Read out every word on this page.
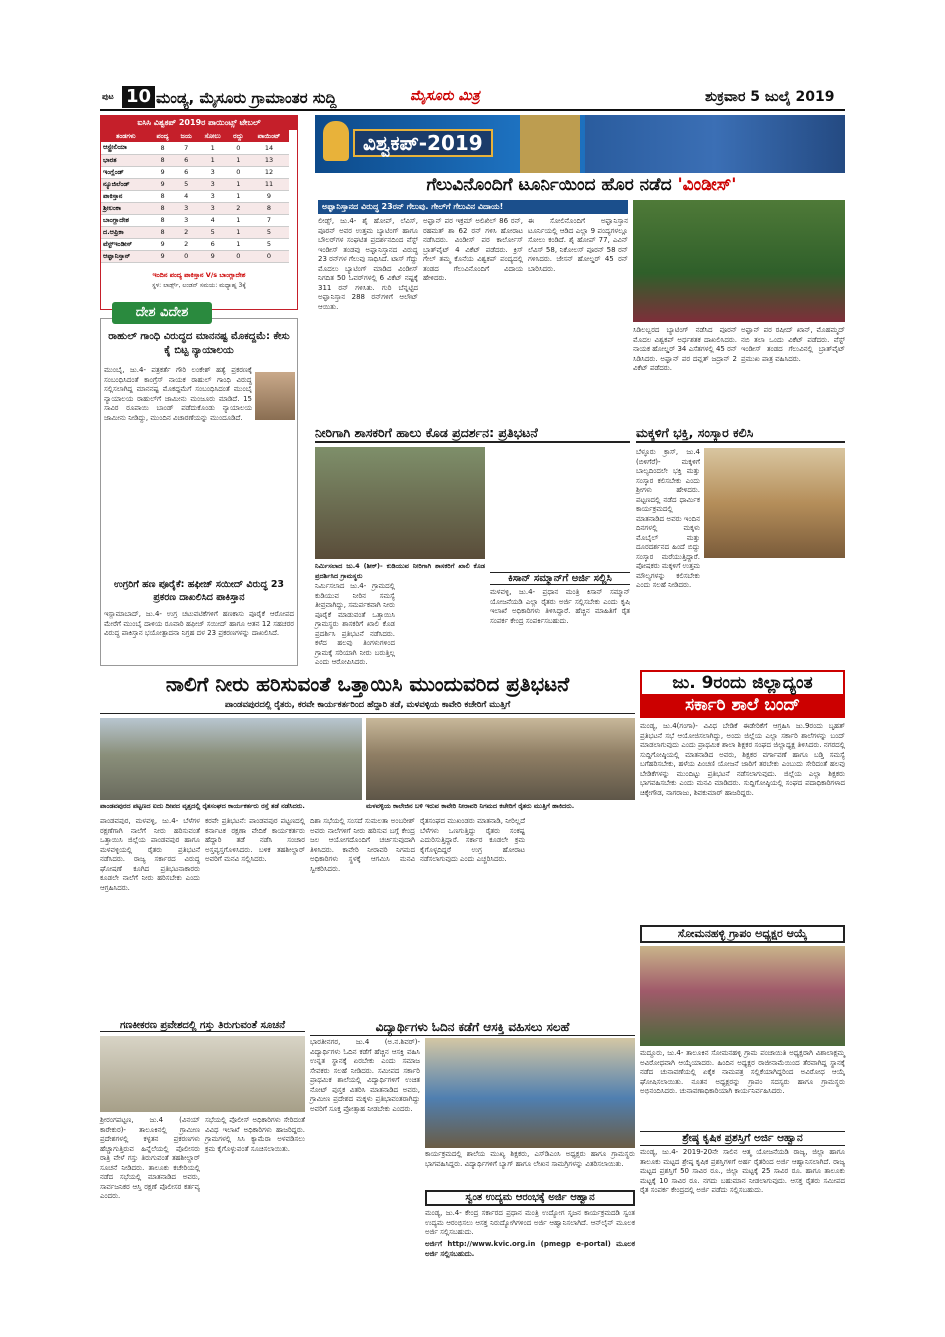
ಪುಟ 10 ಮಂಡ್ಯ, ಮೈಸೂರು ಗ್ರಾಮಾಂತರ ಸುದ್ದಿ	ಮೈಸೂರು ಮಿತ್ರ	ಶುಕ್ರವಾರ 5 ಜುಲೈ 2019
ಐಸಿಸಿ ವಿಶ್ವಕಪ್ 2019ರ ಪಾಯಿಂಟ್ಸ್ ಟೇಬಲ್
ತಂಡಗಳು	ಪಂದ್ಯ	ಜಯ	ಸೋಲು	ರದ್ದು	ಪಾಯಿಂಟ್
ಆಸ್ಟ್ರೇಲಿಯಾ	8	7	1	0	14
ಭಾರತ	8	6	1	1	13
ಇಂಗ್ಲೆಂಡ್	9	6	3	0	12
ನ್ಯೂಜಿಲೆಂಡ್	9	5	3	1	11
ಪಾಕಿಸ್ತಾನ	8	4	3	1	9
ಶ್ರೀಲಂಕಾ	8	3	3	2	8
ಬಾಂಗ್ಲಾದೇಶ	8	3	4	1	7
ದ.ಆಫ್ರಿಕಾ	8	2	5	1	5
ವೆಸ್ಟ್‌ಇಂಡೀಸ್	9	2	6	1	5
ಆಫ್ಘಾನಿಸ್ತಾನ್	9	0	9	0	0
ಇಂದಿನ ಪಂದ್ಯ ಪಾಕಿಸ್ತಾನ V/s ಬಾಂಗ್ಲಾದೇಶ
ಸ್ಥಳ: ಲಾರ್ಡ್ಸ್, ಲಂಡನ್ ಸಮಯ: ಮಧ್ಯಾಹ್ನ 3ಕ್ಕೆ
ವಿಶ್ವಕಪ್-2019
ಗೆಲುವಿನೊಂದಿಗೆ ಟೂರ್ನಿಯಿಂದ ಹೊರ ನಡೆದ 'ವಿಂಡೀಸ್'
ಅಫ್ಘಾನಿಸ್ತಾನದ ವಿರುದ್ಧ 23ರನ್ ಗೆಲುವು. ಗೇಲ್‌ಗೆ ಗೆಲುವಿನ ವಿದಾಯ!
ಲೀಡ್ಸ್, ಜು.4- ಶೈ ಹೋಪ್, ಲೆವಿಸ್, ಪೂರನ್ ಅವರ ಉತ್ತಮ ಬ್ಯಾಟಿಂಗ್ ಹಾಗೂ ಬೌಲರ್‌ಗಳ ಸಂಘಟಿತ ಪ್ರದರ್ಶನದಿಂದ ವೆಸ್ಟ್ ಇಂಡೀಸ್ ತಂಡವು ಅಫ್ಘಾನಿಸ್ತಾನದ ವಿರುದ್ಧ 23 ರನ್‌ಗಳ ಗೆಲುವು ಸಾಧಿಸಿದೆ. ಟಾಸ್ ಗೆದ್ದು ಮೊದಲು ಬ್ಯಾಟಿಂಗ್ ಮಾಡಿದ ವಿಂಡೀಸ್ ನಿಗದಿತ 50 ಓವರ್‌ಗಳಲ್ಲಿ 6 ವಿಕೆಟ್ ನಷ್ಟಕ್ಕೆ 311 ರನ್ ಗಳಿಸಿತು. ಗುರಿ ಬೆನ್ನಟ್ಟಿದ ಅಫ್ಘಾನಿಸ್ತಾನ 288 ರನ್‌ಗಳಿಗೆ ಆಲೌಟ್ ಆಯಿತು.
ಅಫ್ಘಾನ್ ಪರ ಇಕ್ರಮ್ ಅಲಿಖಿಲ್ 86 ರನ್, ರಹಮತ್ ಶಾ 62 ರನ್ ಗಳಿಸಿ ಹೋರಾಟ ನಡೆಸಿದರು. ವಿಂಡೀಸ್ ಪರ ಕಾರ್ಲೋಸ್ ಬ್ರಾತ್‌ವೈಟ್ 4 ವಿಕೆಟ್ ಪಡೆದರು. ಕ್ರಿಸ್ ಗೇಲ್ ತಮ್ಮ ಕೊನೆಯ ವಿಶ್ವಕಪ್ ಪಂದ್ಯದಲ್ಲಿ ತಂಡದ ಗೆಲುವಿನೊಂದಿಗೆ ವಿದಾಯ ಹೇಳಿದರು.
ಈ ಸೋಲಿನೊಂದಿಗೆ ಅಫ್ಘಾನಿಸ್ತಾನ ಟೂರ್ನಿಯಲ್ಲಿ ಆಡಿದ ಎಲ್ಲಾ 9 ಪಂದ್ಯಗಳಲ್ಲೂ ಸೋಲು ಕಂಡಿದೆ. ಶೈ ಹೋಪ್ 77, ಎವಿನ್ ಲೆವಿಸ್ 58, ನಿಕೋಲಸ್ ಪೂರನ್ 58 ರನ್ ಗಳಿಸಿದರು. ಜೇಸನ್ ಹೋಲ್ಡರ್ 45 ರನ್ ಬಾರಿಸಿದರು.
ಸಿಡಿಲಬ್ಬರದ ಬ್ಯಾಟಿಂಗ್ ನಡೆಸಿದ ಪೂರನ್ ಮೊದಲ ವಿಶ್ವಕಪ್ ಅರ್ಧಶತಕ ದಾಖಲಿಸಿದರು. ನಾಯಕ ಹೋಲ್ಡರ್ 34 ಎಸೆತಗಳಲ್ಲಿ 45 ರನ್ ಸಿಡಿಸಿದರು. ಅಫ್ಘಾನ್ ಪರ ದವ್ಲತ್ ಜದ್ರಾನ್ 2 ವಿಕೆಟ್ ಪಡೆದರು.
ಅಫ್ಘಾನ್ ಪರ ರಷೀದ್ ಖಾನ್, ಮೊಹಮ್ಮದ್ ನಬಿ ತಲಾ ಒಂದು ವಿಕೆಟ್ ಪಡೆದರು. ವೆಸ್ಟ್ ಇಂಡೀಸ್ ತಂಡದ ಗೆಲುವಿನಲ್ಲಿ ಬ್ರಾತ್‌ವೈಟ್ ಪ್ರಮುಖ ಪಾತ್ರ ವಹಿಸಿದರು.
ದೇಶ ವಿದೇಶ
ರಾಹುಲ್ ಗಾಂಧಿ ವಿರುದ್ಧದ ಮಾನನಷ್ಟ ಮೊಕದ್ದಮೆ: ಕೇಸು ಕೈ ಬಿಟ್ಟ ನ್ಯಾಯಾಲಯ
ಮುಂಬೈ, ಜು.4- ಪತ್ರಕರ್ತೆ ಗೌರಿ ಲಂಕೇಶ್ ಹತ್ಯೆ ಪ್ರಕರಣಕ್ಕೆ ಸಂಬಂಧಿಸಿದಂತೆ ಕಾಂಗ್ರೆಸ್ ನಾಯಕ ರಾಹುಲ್ ಗಾಂಧಿ ವಿರುದ್ಧ ಸಲ್ಲಿಸಲಾಗಿದ್ದ ಮಾನನಷ್ಟ ಮೊಕದ್ದಮೆಗೆ ಸಂಬಂಧಿಸಿದಂತೆ ಮುಂಬೈ ನ್ಯಾಯಾಲಯ ರಾಹುಲ್‌ಗೆ ಜಾಮೀನು ಮಂಜೂರು ಮಾಡಿದೆ. 15 ಸಾವಿರ ರೂಪಾಯಿ ಬಾಂಡ್ ಪಡೆದುಕೊಂಡು ನ್ಯಾಯಾಲಯ ಜಾಮೀನು ನೀಡಿದ್ದು, ಮುಂದಿನ ವಿಚಾರಣೆಯನ್ನು ಮುಂದೂಡಿದೆ.
ಉಗ್ರರಿಗೆ ಹಣ ಪೂರೈಕೆ: ಹಫೀಜ್ ಸಯೀದ್ ವಿರುದ್ಧ 23 ಪ್ರಕರಣ ದಾಖಲಿಸಿದ ಪಾಕಿಸ್ತಾನ
ಇಸ್ಲಾಮಾಬಾದ್, ಜು.4- ಉಗ್ರ ಚಟುವಟಿಕೆಗಳಿಗೆ ಹಣಕಾಸು ಪೂರೈಕೆ ಆರೋಪದ ಮೇರೆಗೆ ಮುಂಬೈ ದಾಳಿಯ ರೂವಾರಿ ಹಫೀಜ್ ಸಯೀದ್ ಹಾಗೂ ಆತನ 12 ಸಹಚರರ ವಿರುದ್ಧ ಪಾಕಿಸ್ತಾನ ಭಯೋತ್ಪಾದನಾ ನಿಗ್ರಹ ದಳ 23 ಪ್ರಕರಣಗಳನ್ನು ದಾಖಲಿಸಿದೆ.
ನೀರಿಗಾಗಿ ಶಾಸಕರಿಗೆ ಹಾಲು ಕೊಡ ಪ್ರದರ್ಶನ: ಪ್ರತಿಭಟನೆ
ನಿರ್ಮಿಸಲಾದ ಜು.4 (ಶೀಕ್)- ಕುಡಿಯುವ ನೀರಿಗಾಗಿ ಶಾಸಕರಿಗೆ ಖಾಲಿ ಕೊಡ ಪ್ರದರ್ಶಿಸಿದ ಗ್ರಾಮಸ್ಥರು
ನಿರ್ಮಿಸಲಾದ ಜು.4- ಗ್ರಾಮದಲ್ಲಿ ಕುಡಿಯುವ ನೀರಿನ ಸಮಸ್ಯೆ ತೀವ್ರವಾಗಿದ್ದು, ಸಮರ್ಪಕವಾಗಿ ನೀರು ಪೂರೈಕೆ ಮಾಡುವಂತೆ ಒತ್ತಾಯಿಸಿ ಗ್ರಾಮಸ್ಥರು ಶಾಸಕರಿಗೆ ಖಾಲಿ ಕೊಡ ಪ್ರದರ್ಶಿಸಿ ಪ್ರತಿಭಟನೆ ನಡೆಸಿದರು. ಕಳೆದ ಹಲವು ತಿಂಗಳುಗಳಿಂದ ಗ್ರಾಮಕ್ಕೆ ಸರಿಯಾಗಿ ನೀರು ಬರುತ್ತಿಲ್ಲ ಎಂದು ಆರೋಪಿಸಿದರು.
ಕಿಸಾನ್ ಸಮ್ಮಾನ್‌ಗೆ ಅರ್ಜಿ ಸಲ್ಲಿಸಿ
ಮಳವಳ್ಳಿ, ಜು.4- ಪ್ರಧಾನ ಮಂತ್ರಿ ಕಿಸಾನ್ ಸಮ್ಮಾನ್ ಯೋಜನೆಯಡಿ ಎಲ್ಲಾ ರೈತರು ಅರ್ಜಿ ಸಲ್ಲಿಸಬೇಕು ಎಂದು ಕೃಷಿ ಇಲಾಖೆ ಅಧಿಕಾರಿಗಳು ತಿಳಿಸಿದ್ದಾರೆ. ಹೆಚ್ಚಿನ ಮಾಹಿತಿಗೆ ರೈತ ಸಂಪರ್ಕ ಕೇಂದ್ರ ಸಂಪರ್ಕಿಸಬಹುದು.
ಮಕ್ಕಳಿಗೆ ಭಕ್ತಿ, ಸಂಸ್ಕಾರ ಕಲಿಸಿ
ಬೆಳ್ಳೂರು ಕ್ರಾಸ್, ಜು.4 (ಬಿಳಿಗೆರೆ)- ಮಕ್ಕಳಿಗೆ ಬಾಲ್ಯದಿಂದಲೇ ಭಕ್ತಿ ಮತ್ತು ಸಂಸ್ಕಾರ ಕಲಿಸಬೇಕು ಎಂದು ಶ್ರೀಗಳು ಹೇಳಿದರು. ಪಟ್ಟಣದಲ್ಲಿ ನಡೆದ ಧಾರ್ಮಿಕ ಕಾರ್ಯಕ್ರಮದಲ್ಲಿ ಮಾತನಾಡಿದ ಅವರು ಇಂದಿನ ದಿನಗಳಲ್ಲಿ ಮಕ್ಕಳು ಮೊಬೈಲ್ ಮತ್ತು ದೂರದರ್ಶನದ ಹಿಂದೆ ಬಿದ್ದು ಸಂಸ್ಕಾರ ಮರೆಯುತ್ತಿದ್ದಾರೆ. ಪೋಷಕರು ಮಕ್ಕಳಿಗೆ ಉತ್ತಮ ಮೌಲ್ಯಗಳನ್ನು ಕಲಿಸಬೇಕು ಎಂದು ಸಲಹೆ ನೀಡಿದರು.
ನಾಲಿಗೆ ನೀರು ಹರಿಸುವಂತೆ ಒತ್ತಾಯಿಸಿ ಮುಂದುವರಿದ ಪ್ರತಿಭಟನೆ
ಪಾಂಡವಪುರದಲ್ಲಿ ರೈತರು, ಕರವೇ ಕಾರ್ಯಕರ್ತರಿಂದ ಹೆದ್ದಾರಿ ತಡೆ, ಮಳವಳ್ಳಿಯ ಕಾವೇರಿ ಕಚೇರಿಗೆ ಮುತ್ತಿಗೆ
ಪಾಂಡವಪುರದ ಪಟ್ಟಣದ ಐದು ದೀಪದ ವೃತ್ತದಲ್ಲಿ ರೈತಸಂಘದ ಕಾರ್ಯಕರ್ತರು ರಸ್ತೆ ತಡೆ ನಡೆಸಿದರು.	ಮಳವಳ್ಳಿಯ ಕಾಲೇಜಿನ ಬಳಿ ಇರುವ ಕಾವೇರಿ ನೀರಾವರಿ ನಿಗಮದ ಕಚೇರಿಗೆ ರೈತರು ಮುತ್ತಿಗೆ ಹಾಕಿದರು.
ಪಾಂಡವಪುರ, ಮಳವಳ್ಳಿ, ಜು.4- ಬೆಳೆಗಳ ರಕ್ಷಣೆಗಾಗಿ ನಾಲೆಗೆ ನೀರು ಹರಿಸುವಂತೆ ಒತ್ತಾಯಿಸಿ ಜಿಲ್ಲೆಯ ಪಾಂಡವಪುರ ಹಾಗೂ ಮಳವಳ್ಳಿಯಲ್ಲಿ ರೈತರು ಪ್ರತಿಭಟನೆ ನಡೆಸಿದರು. ರಾಜ್ಯ ಸರ್ಕಾರದ ವಿರುದ್ಧ ಘೋಷಣೆ ಕೂಗಿದ ಪ್ರತಿಭಟನಾಕಾರರು ಕೂಡಲೇ ನಾಲೆಗೆ ನೀರು ಹರಿಸಬೇಕು ಎಂದು ಆಗ್ರಹಿಸಿದರು.
ಕರವೇ ಪ್ರತಿಭಟನೆ: ಪಾಂಡವಪುರ ಪಟ್ಟಣದಲ್ಲಿ ಕರ್ನಾಟಕ ರಕ್ಷಣಾ ವೇದಿಕೆ ಕಾರ್ಯಕರ್ತರು ಹೆದ್ದಾರಿ ತಡೆ ನಡೆಸಿ ಸಂಚಾರ ಅಸ್ತವ್ಯಸ್ತಗೊಳಿಸಿದರು. ಬಳಿಕ ತಹಶೀಲ್ದಾರ್ ಅವರಿಗೆ ಮನವಿ ಸಲ್ಲಿಸಿದರು.
ದಿಶಾ ಸಭೆಯಲ್ಲಿ ಸಂಸದೆ ಸುಮಲತಾ ಅಂಬರೀಶ್ ಅವರು ನಾಲೆಗಳಿಗೆ ನೀರು ಹರಿಸುವ ಬಗ್ಗೆ ಕೇಂದ್ರ ಜಲ ಆಯೋಗದೊಂದಿಗೆ ಚರ್ಚಿಸುವುದಾಗಿ ತಿಳಿಸಿದರು. ಕಾವೇರಿ ನೀರಾವರಿ ನಿಗಮದ ಅಧಿಕಾರಿಗಳು ಸ್ಥಳಕ್ಕೆ ಆಗಮಿಸಿ ಮನವಿ ಸ್ವೀಕರಿಸಿದರು.
ರೈತಸಂಘದ ಮುಖಂಡರು ಮಾತನಾಡಿ, ನೀರಿಲ್ಲದೆ ಬೆಳೆಗಳು ಒಣಗುತ್ತಿದ್ದು ರೈತರು ಸಂಕಷ್ಟ ಎದುರಿಸುತ್ತಿದ್ದಾರೆ. ಸರ್ಕಾರ ಕೂಡಲೇ ಕ್ರಮ ಕೈಗೊಳ್ಳದಿದ್ದರೆ ಉಗ್ರ ಹೋರಾಟ ನಡೆಸಲಾಗುವುದು ಎಂದು ಎಚ್ಚರಿಸಿದರು.
ಜು. 9ರಂದು ಜಿಲ್ಲಾದ್ಯಂತ
ಸರ್ಕಾರಿ ಶಾಲೆ ಬಂದ್
ಮಂಡ್ಯ, ಜು.4(ಗಂಗಾ)- ವಿವಿಧ ಬೇಡಿಕೆ ಈಡೇರಿಕೆಗೆ ಆಗ್ರಹಿಸಿ ಜು.9ರಂದು ಬೃಹತ್ ಪ್ರತಿಭಟನೆ ಸಭೆ ಆಯೋಜಿಸಲಾಗಿದ್ದು, ಅಂದು ಜಿಲ್ಲೆಯ ಎಲ್ಲಾ ಸರ್ಕಾರಿ ಶಾಲೆಗಳನ್ನು ಬಂದ್ ಮಾಡಲಾಗುವುದು ಎಂದು ಪ್ರಾಥಮಿಕ ಶಾಲಾ ಶಿಕ್ಷಕರ ಸಂಘದ ಜಿಲ್ಲಾಧ್ಯಕ್ಷ ತಿಳಿಸಿದರು. ನಗರದಲ್ಲಿ ಸುದ್ದಿಗೋಷ್ಠಿಯಲ್ಲಿ ಮಾತನಾಡಿದ ಅವರು, ಶಿಕ್ಷಕರ ವರ್ಗಾವಣೆ ಹಾಗೂ ಬಡ್ತಿ ಸಮಸ್ಯೆ ಬಗೆಹರಿಸಬೇಕು, ಹಳೆಯ ಪಿಂಚಣಿ ಯೋಜನೆ ಜಾರಿಗೆ ತರಬೇಕು ಎಂಬುದು ಸೇರಿದಂತೆ ಹಲವು ಬೇಡಿಕೆಗಳನ್ನು ಮುಂದಿಟ್ಟು ಪ್ರತಿಭಟನೆ ನಡೆಸಲಾಗುವುದು. ಜಿಲ್ಲೆಯ ಎಲ್ಲಾ ಶಿಕ್ಷಕರು ಭಾಗವಹಿಸಬೇಕು ಎಂದು ಮನವಿ ಮಾಡಿದರು. ಸುದ್ದಿಗೋಷ್ಠಿಯಲ್ಲಿ ಸಂಘದ ಪದಾಧಿಕಾರಿಗಳಾದ ಚಿಕ್ಕೇಗೌಡ, ನಾಗರಾಜು, ಶಿವಕುಮಾರ್ ಹಾಜರಿದ್ದರು.
ಸೋಮನಹಳ್ಳಿ ಗ್ರಾಪಂ ಅಧ್ಯಕ್ಷರ ಆಯ್ಕೆ
ಮದ್ದೂರು, ಜು.4- ತಾಲೂಕಿನ ಸೋಮನಹಳ್ಳಿ ಗ್ರಾಮ ಪಂಚಾಯಿತಿ ಅಧ್ಯಕ್ಷರಾಗಿ ವಿಶಾಲಾಕ್ಷಮ್ಮ ಅವಿರೋಧವಾಗಿ ಆಯ್ಕೆಯಾದರು. ಹಿಂದಿನ ಅಧ್ಯಕ್ಷರ ರಾಜೀನಾಮೆಯಿಂದ ತೆರವಾಗಿದ್ದ ಸ್ಥಾನಕ್ಕೆ ನಡೆದ ಚುನಾವಣೆಯಲ್ಲಿ ಏಕೈಕ ನಾಮಪತ್ರ ಸಲ್ಲಿಕೆಯಾಗಿದ್ದರಿಂದ ಅವಿರೋಧ ಆಯ್ಕೆ ಘೋಷಿಸಲಾಯಿತು. ನೂತನ ಅಧ್ಯಕ್ಷರನ್ನು ಗ್ರಾಪಂ ಸದಸ್ಯರು ಹಾಗೂ ಗ್ರಾಮಸ್ಥರು ಅಭಿನಂದಿಸಿದರು. ಚುನಾವಣಾಧಿಕಾರಿಯಾಗಿ ಕಾರ್ಯನಿರ್ವಹಿಸಿದರು.
ಶ್ರೇಷ್ಠ ಕೃಷಿಕ ಪ್ರಶಸ್ತಿಗೆ ಅರ್ಜಿ ಆಹ್ವಾನ
ಮಂಡ್ಯ, ಜು.4- 2019-20ನೇ ಸಾಲಿನ ಆತ್ಮ ಯೋಜನೆಯಡಿ ರಾಜ್ಯ, ಜಿಲ್ಲಾ ಹಾಗೂ ತಾಲೂಕು ಮಟ್ಟದ ಶ್ರೇಷ್ಠ ಕೃಷಿಕ ಪ್ರಶಸ್ತಿಗಳಿಗೆ ಅರ್ಹ ರೈತರಿಂದ ಅರ್ಜಿ ಆಹ್ವಾನಿಸಲಾಗಿದೆ. ರಾಜ್ಯ ಮಟ್ಟದ ಪ್ರಶಸ್ತಿಗೆ 50 ಸಾವಿರ ರೂ., ಜಿಲ್ಲಾ ಮಟ್ಟಕ್ಕೆ 25 ಸಾವಿರ ರೂ. ಹಾಗೂ ತಾಲೂಕು ಮಟ್ಟಕ್ಕೆ 10 ಸಾವಿರ ರೂ. ನಗದು ಬಹುಮಾನ ನೀಡಲಾಗುವುದು. ಆಸಕ್ತ ರೈತರು ಸಮೀಪದ ರೈತ ಸಂಪರ್ಕ ಕೇಂದ್ರದಲ್ಲಿ ಅರ್ಜಿ ಪಡೆದು ಸಲ್ಲಿಸಬಹುದು.
ಗಣಕೀಕರಣ ಪ್ರವೇಶದಲ್ಲಿ ಗಸ್ತು ತಿರುಗುವಂತೆ ಸೂಚನೆ
ಶ್ರೀರಂಗಪಟ್ಟಣ, ಜು.4 (ವಿನಯ್ ಕಾರೇಕುರ)- ತಾಲೂಕಿನಲ್ಲಿ ಗ್ರಾಮೀಣ ಪ್ರದೇಶಗಳಲ್ಲಿ ಕಳ್ಳತನ ಪ್ರಕರಣಗಳು ಹೆಚ್ಚಾಗುತ್ತಿರುವ ಹಿನ್ನೆಲೆಯಲ್ಲಿ ಪೊಲೀಸರು ರಾತ್ರಿ ವೇಳೆ ಗಸ್ತು ತಿರುಗುವಂತೆ ತಹಶೀಲ್ದಾರ್ ಸೂಚನೆ ನೀಡಿದರು. ತಾಲೂಕು ಕಚೇರಿಯಲ್ಲಿ ನಡೆದ ಸಭೆಯಲ್ಲಿ ಮಾತನಾಡಿದ ಅವರು, ಸಾರ್ವಜನಿಕರ ಆಸ್ತಿ ರಕ್ಷಣೆ ಪೊಲೀಸರ ಕರ್ತವ್ಯ ಎಂದರು.
ಸಭೆಯಲ್ಲಿ ಪೊಲೀಸ್ ಅಧಿಕಾರಿಗಳು ಸೇರಿದಂತೆ ವಿವಿಧ ಇಲಾಖೆ ಅಧಿಕಾರಿಗಳು ಹಾಜರಿದ್ದರು. ಗ್ರಾಮಗಳಲ್ಲಿ ಸಿಸಿ ಕ್ಯಾಮೆರಾ ಅಳವಡಿಸಲು ಕ್ರಮ ಕೈಗೊಳ್ಳುವಂತೆ ಸೂಚಿಸಲಾಯಿತು.
ವಿದ್ಯಾರ್ಥಿಗಳು ಓದಿನ ಕಡೆಗೆ ಆಸಕ್ತಿ ವಹಿಸಲು ಸಲಹೆ
ಭಾರತೀನಗರ, ಜು.4 (ಅ.ನ.ಶಿವರ್)- ವಿದ್ಯಾರ್ಥಿಗಳು ಓದಿನ ಕಡೆಗೆ ಹೆಚ್ಚಿನ ಆಸಕ್ತಿ ವಹಿಸಿ ಉನ್ನತ ಸ್ಥಾನಕ್ಕೆ ಏರಬೇಕು ಎಂದು ಸಮಾಜ ಸೇವಕರು ಸಲಹೆ ನೀಡಿದರು. ಸಮೀಪದ ಸರ್ಕಾರಿ ಪ್ರಾಥಮಿಕ ಶಾಲೆಯಲ್ಲಿ ವಿದ್ಯಾರ್ಥಿಗಳಿಗೆ ಉಚಿತ ನೋಟ್ ಪುಸ್ತಕ ವಿತರಿಸಿ ಮಾತನಾಡಿದ ಅವರು, ಗ್ರಾಮೀಣ ಪ್ರದೇಶದ ಮಕ್ಕಳು ಪ್ರತಿಭಾವಂತರಾಗಿದ್ದು ಅವರಿಗೆ ಸೂಕ್ತ ಪ್ರೋತ್ಸಾಹ ನೀಡಬೇಕು ಎಂದರು.
ಕಾರ್ಯಕ್ರಮದಲ್ಲಿ ಶಾಲೆಯ ಮುಖ್ಯ ಶಿಕ್ಷಕರು, ಎಸ್‌ಡಿಎಂಸಿ ಅಧ್ಯಕ್ಷರು ಹಾಗೂ ಗ್ರಾಮಸ್ಥರು ಭಾಗವಹಿಸಿದ್ದರು. ವಿದ್ಯಾರ್ಥಿಗಳಿಗೆ ಬ್ಯಾಗ್ ಹಾಗೂ ಲೇಖನ ಸಾಮಗ್ರಿಗಳನ್ನು ವಿತರಿಸಲಾಯಿತು.
ಸ್ವಂತ ಉದ್ಯಮ ಆರಂಭಕ್ಕೆ ಅರ್ಜಿ ಆಹ್ವಾನ
ಮಂಡ್ಯ, ಜು.4- ಕೇಂದ್ರ ಸರ್ಕಾರದ ಪ್ರಧಾನ ಮಂತ್ರಿ ಉದ್ಯೋಗ ಸೃಜನ ಕಾರ್ಯಕ್ರಮದಡಿ ಸ್ವಂತ ಉದ್ಯಮ ಆರಂಭಿಸಲು ಆಸಕ್ತ ನಿರುದ್ಯೋಗಿಗಳಿಂದ ಅರ್ಜಿ ಆಹ್ವಾನಿಸಲಾಗಿದೆ. ಆನ್‌ಲೈನ್ ಮೂಲಕ ಅರ್ಜಿ ಸಲ್ಲಿಸಬಹುದು.
ಅರ್ಜಿಗೆ http://www.kvic.org.in (pmegp e-portal) ಮೂಲಕ ಅರ್ಜಿ ಸಲ್ಲಿಸಬಹುದು.
